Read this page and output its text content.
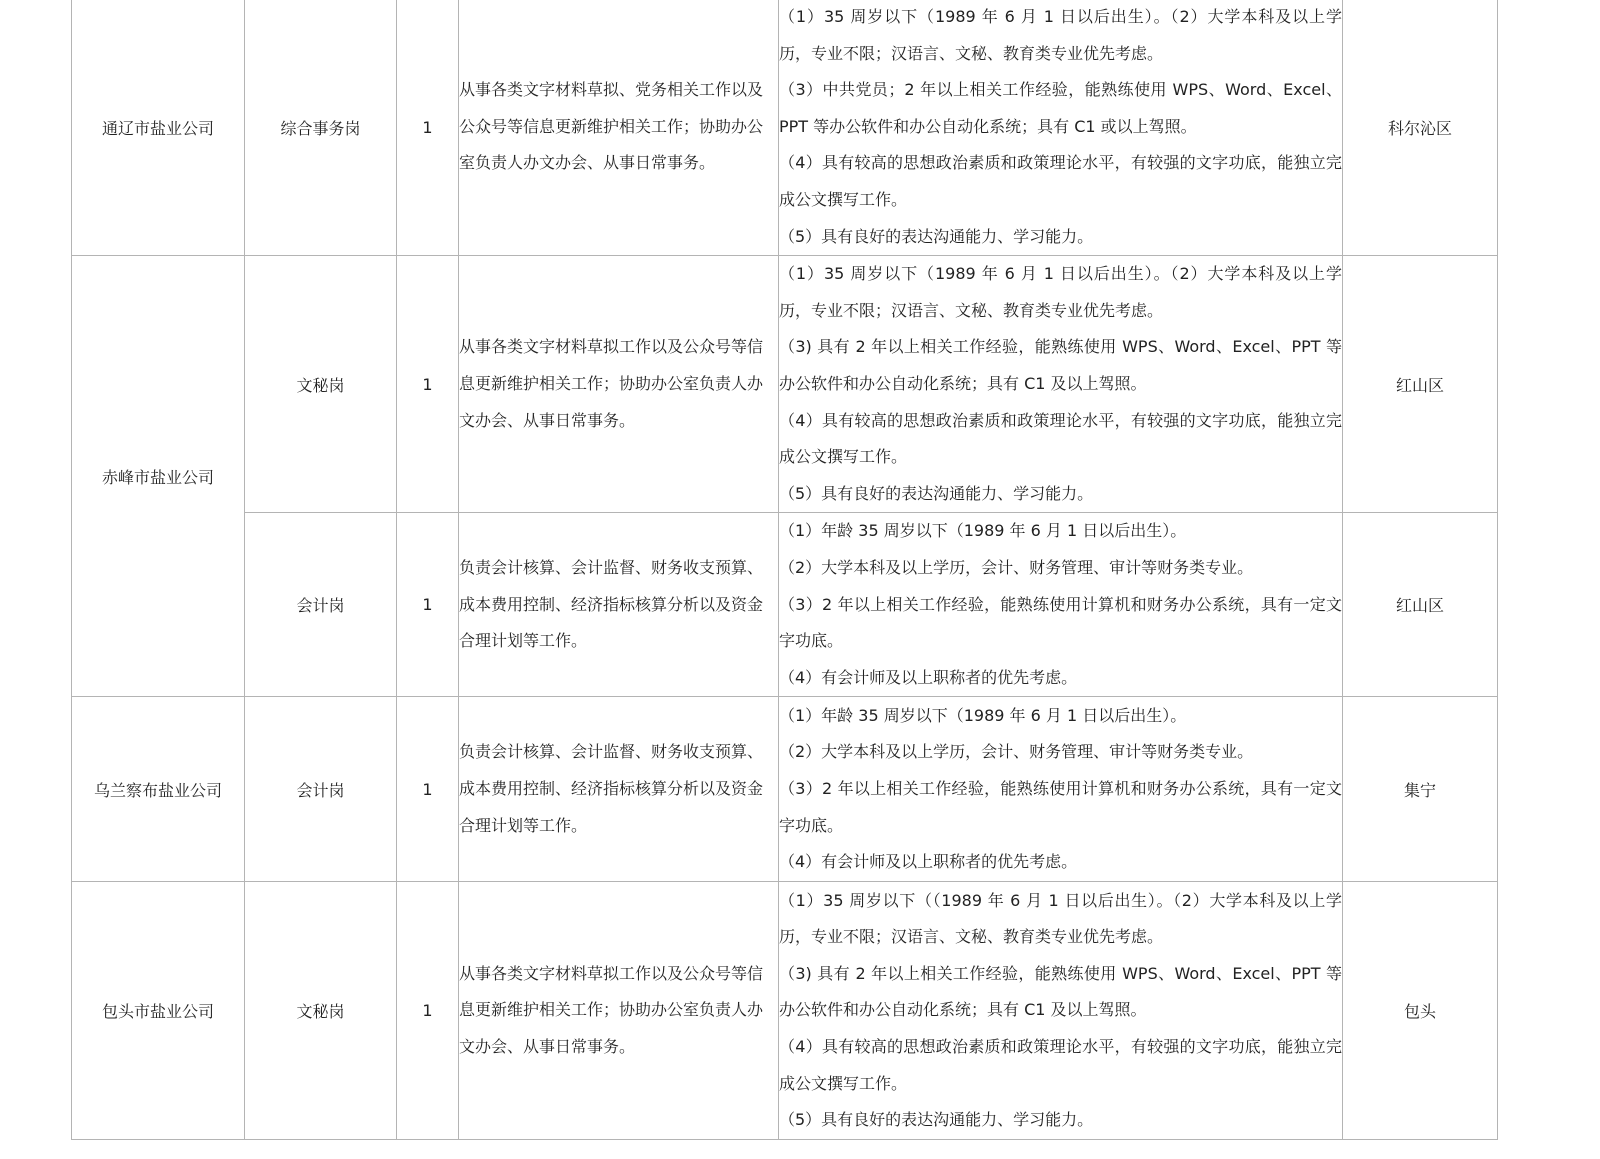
通辽市盐业公司	综合事务岗	1	从事各类文字材料草拟、党务相关工作以及公众号等信息更新维护相关工作；协助办公室负责人办文办会、从事日常事务。	（1）35 周岁以下（1989 年 6 月 1 日以后出生）。（2）大学本科及以上学历，专业不限；汉语言、文秘、教育类专业优先考虑。
（3）中共党员；2 年以上相关工作经验，能熟练使用 WPS、Word、Excel、PPT 等办公软件和办公自动化系统；具有 C1 或以上驾照。
（4）具有较高的思想政治素质和政策理论水平，有较强的文字功底，能独立完成公文撰写工作。
（5）具有良好的表达沟通能力、学习能力。	科尔沁区
赤峰市盐业公司	文秘岗	1	从事各类文字材料草拟工作以及公众号等信息更新维护相关工作；协助办公室负责人办文办会、从事日常事务。	（1）35 周岁以下（1989 年 6 月 1 日以后出生）。（2）大学本科及以上学历，专业不限；汉语言、文秘、教育类专业优先考虑。
（3) 具有 2 年以上相关工作经验，能熟练使用 WPS、Word、Excel、PPT 等办公软件和办公自动化系统；具有 C1 及以上驾照。
（4）具有较高的思想政治素质和政策理论水平，有较强的文字功底，能独立完成公文撰写工作。
（5）具有良好的表达沟通能力、学习能力。	红山区
	会计岗	1	负责会计核算、会计监督、财务收支预算、成本费用控制、经济指标核算分析以及资金合理计划等工作。	（1）年龄 35 周岁以下（1989 年 6 月 1 日以后出生）。
（2）大学本科及以上学历，会计、财务管理、审计等财务类专业。
（3）2 年以上相关工作经验，能熟练使用计算机和财务办公系统，具有一定文字功底。
（4）有会计师及以上职称者的优先考虑。	红山区
乌兰察布盐业公司	会计岗	1	负责会计核算、会计监督、财务收支预算、成本费用控制、经济指标核算分析以及资金合理计划等工作。	（1）年龄 35 周岁以下（1989 年 6 月 1 日以后出生）。
（2）大学本科及以上学历，会计、财务管理、审计等财务类专业。
（3）2 年以上相关工作经验，能熟练使用计算机和财务办公系统，具有一定文字功底。
（4）有会计师及以上职称者的优先考虑。	集宁
包头市盐业公司	文秘岗	1	从事各类文字材料草拟工作以及公众号等信息更新维护相关工作；协助办公室负责人办文办会、从事日常事务。	（1）35 周岁以下（（1989 年 6 月 1 日以后出生）。（2）大学本科及以上学历，专业不限；汉语言、文秘、教育类专业优先考虑。
（3) 具有 2 年以上相关工作经验，能熟练使用 WPS、Word、Excel、PPT 等办公软件和办公自动化系统；具有 C1 及以上驾照。
（4）具有较高的思想政治素质和政策理论水平，有较强的文字功底，能独立完成公文撰写工作。
（5）具有良好的表达沟通能力、学习能力。	包头
